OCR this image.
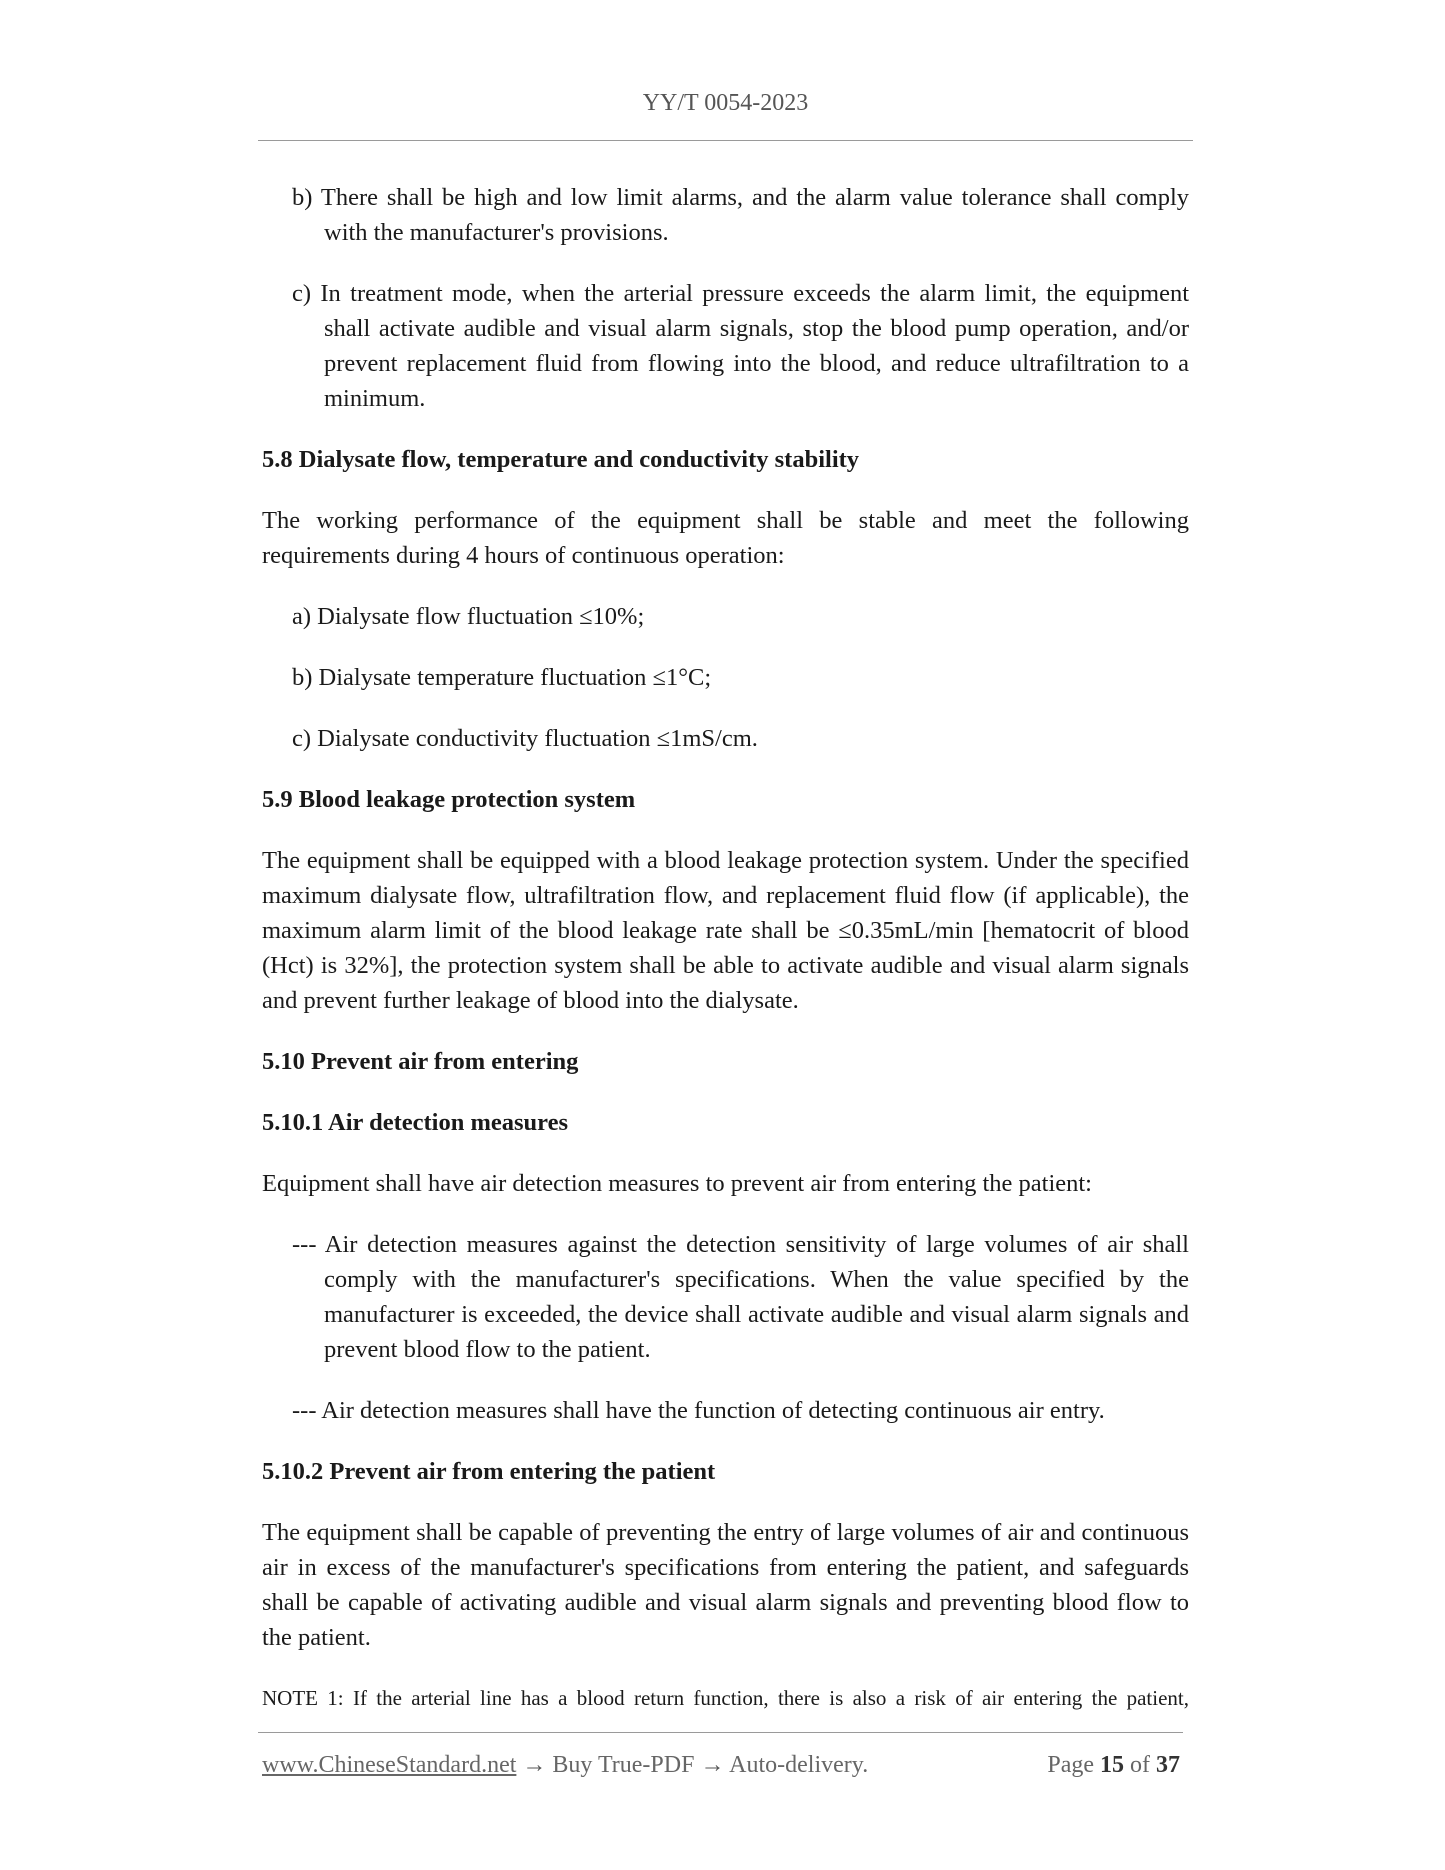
YY/T 0054-2023
b) There shall be high and low limit alarms, and the alarm value tolerance shall comply with the manufacturer's provisions.
c) In treatment mode, when the arterial pressure exceeds the alarm limit, the equipment shall activate audible and visual alarm signals, stop the blood pump operation, and/or prevent replacement fluid from flowing into the blood, and reduce ultrafiltration to a minimum.
5.8 Dialysate flow, temperature and conductivity stability
The working performance of the equipment shall be stable and meet the following requirements during 4 hours of continuous operation:
a) Dialysate flow fluctuation ≤10%;
b) Dialysate temperature fluctuation ≤1°C;
c) Dialysate conductivity fluctuation ≤1mS/cm.
5.9 Blood leakage protection system
The equipment shall be equipped with a blood leakage protection system. Under the specified maximum dialysate flow, ultrafiltration flow, and replacement fluid flow (if applicable), the maximum alarm limit of the blood leakage rate shall be ≤0.35mL/min [hematocrit of blood (Hct) is 32%], the protection system shall be able to activate audible and visual alarm signals and prevent further leakage of blood into the dialysate.
5.10 Prevent air from entering
5.10.1 Air detection measures
Equipment shall have air detection measures to prevent air from entering the patient:
--- Air detection measures against the detection sensitivity of large volumes of air shall comply with the manufacturer's specifications. When the value specified by the manufacturer is exceeded, the device shall activate audible and visual alarm signals and prevent blood flow to the patient.
--- Air detection measures shall have the function of detecting continuous air entry.
5.10.2 Prevent air from entering the patient
The equipment shall be capable of preventing the entry of large volumes of air and continuous air in excess of the manufacturer's specifications from entering the patient, and safeguards shall be capable of activating audible and visual alarm signals and preventing blood flow to the patient.
NOTE 1: If the arterial line has a blood return function, there is also a risk of air entering the patient,
www.ChineseStandard.net → Buy True-PDF → Auto-delivery.	Page 15 of 37
